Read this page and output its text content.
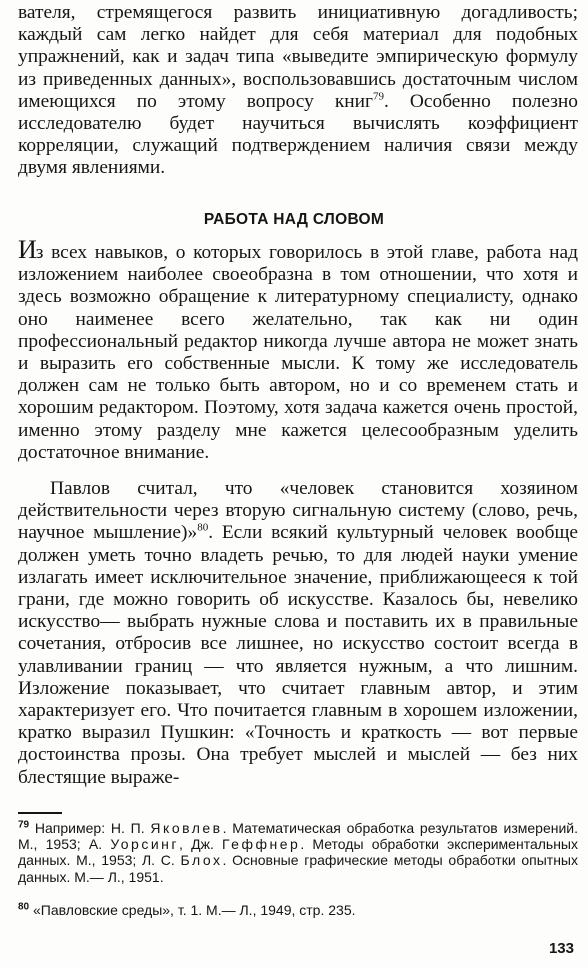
вателя, стремящегося развить инициативную догадливость; каждый сам легко найдет для себя материал для подобных упражнений, как и задач типа «выведите эмпирическую формулу из приведенных данных», воспользовавшись достаточным числом имеющихся по этому вопросу книг$^{79}$. Особенно полезно исследователю будет научиться вычислять коэффициент корреляции, служащий подтверждением наличия связи между двумя явлениями.

РАБОТА НАД СЛОВОМ

Из всех навыков, о которых говорилось в этой главе, работа над изложением наиболее своеобразна в том отношении, что хотя и здесь возможно обращение к литературному специалисту, однако оно наименее всего желательно, так как ни один профессиональный редактор никогда лучше автора не может знать и выразить его собственные мысли. К тому же исследователь должен сам не только быть автором, но и со временем стать и хорошим редактором. Поэтому, хотя задача кажется очень простой, именно этому разделу мне кажется целесообразным уделить достаточное внимание.

Павлов считал, что «человек становится хозяином действительности через вторую сигнальную систему (слово, речь, научное мышление)»$^{80}$. Если всякий культурный человек вообще должен уметь точно владеть речью, то для людей науки умение излагать имеет исключительное значение, приближающееся к той грани, где можно говорить об искусстве. Казалось бы, невелико искусство— выбрать нужные слова и поставить их в правильные сочетания, отбросив все лишнее, но искусство состоит всегда в улавливании границ — что является нужным, а что лишним. Изложение показывает, что считает главным автор, и этим характеризует его. Что почитается главным в хорошем изложении, кратко выразил Пушкин: «Точность и краткость — вот первые достоинства прозы. Она требует мыслей и мыслей — без них блестящие выраже-

$^{79}$ Например: Н. П. Яковлев. Математическая обработка результатов измерений. М., 1953; А. Уорсинг, Дж. Геффнер. Методы обработки экспериментальных данных. М., 1953; Л. С. Блох. Основные графические методы обработки опытных данных. М.— Л., 1951.
$^{80}$ «Павловские среды», т. 1. М.— Л., 1949, стр. 235.
133
